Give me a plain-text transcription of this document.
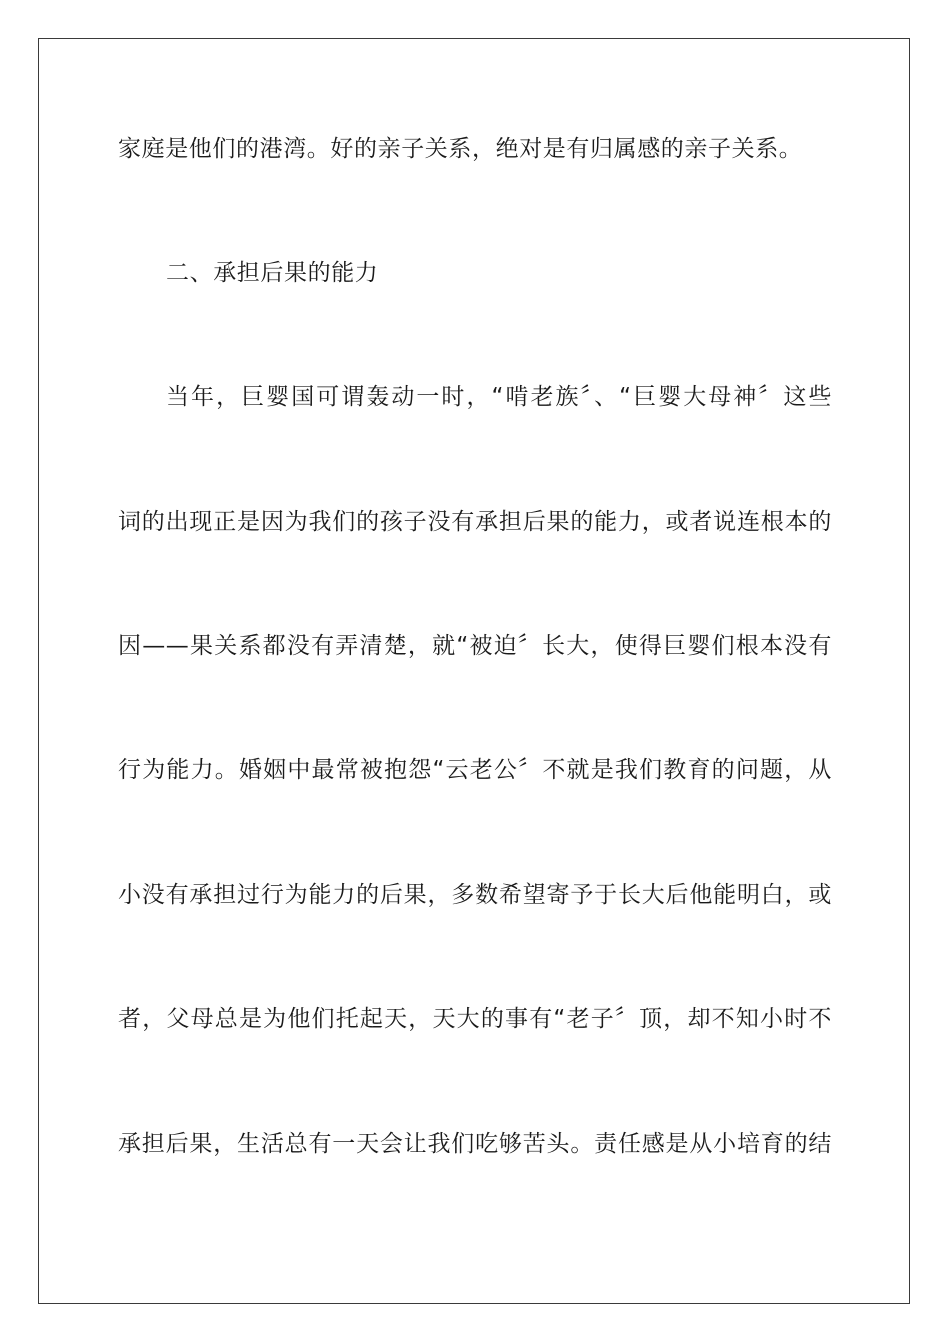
家庭是他们的港湾。好的亲子关系，绝对是有归属感的亲子关系。
二、承担后果的能力
当年，巨婴国可谓轰动一时，“啃老族〞、“巨婴大母神〞这些
词的出现正是因为我们的孩子没有承担后果的能力，或者说连根本的
因——果关系都没有弄清楚，就“被迫〞长大，使得巨婴们根本没有
行为能力。婚姻中最常被抱怨“云老公〞不就是我们教育的问题，从
小没有承担过行为能力的后果，多数希望寄予于长大后他能明白，或
者，父母总是为他们托起天，天大的事有“老子〞顶，却不知小时不
承担后果，生活总有一天会让我们吃够苦头。责任感是从小培育的结
